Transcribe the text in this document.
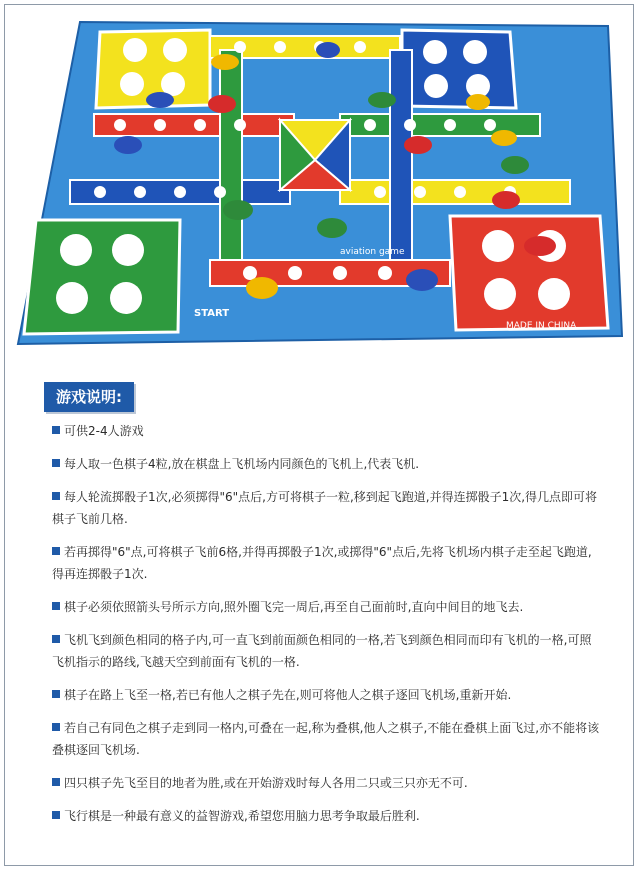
START
aviation game
MADE IN CHINA
游戏说明:
可供2-4人游戏
每人取一色棋子4粒,放在棋盘上飞机场内同颜色的飞机上,代表飞机.
每人轮流掷骰子1次,必须掷得"6"点后,方可将棋子一粒,移到起飞跑道,并得连掷骰子1次,得几点即可将棋子飞前几格.
若再掷得"6"点,可将棋子飞前6格,并得再掷骰子1次,或掷得"6"点后,先将飞机场内棋子走至起飞跑道,得再连掷骰子1次.
棋子必须依照箭头号所示方向,照外圈飞完一周后,再至自己面前时,直向中间目的地飞去.
飞机飞到颜色相同的格子内,可一直飞到前面颜色相同的一格,若飞到颜色相同而印有飞机的一格,可照飞机指示的路线,飞越天空到前面有飞机的一格.
棋子在路上飞至一格,若已有他人之棋子先在,则可将他人之棋子逐回飞机场,重新开始.
若自己有同色之棋子走到同一格内,可叠在一起,称为叠棋,他人之棋子,不能在叠棋上面飞过,亦不能将该叠棋逐回飞机场.
四只棋子先飞至目的地者为胜,或在开始游戏时每人各用二只或三只亦无不可.
飞行棋是一种最有意义的益智游戏,希望您用脑力思考争取最后胜利.
